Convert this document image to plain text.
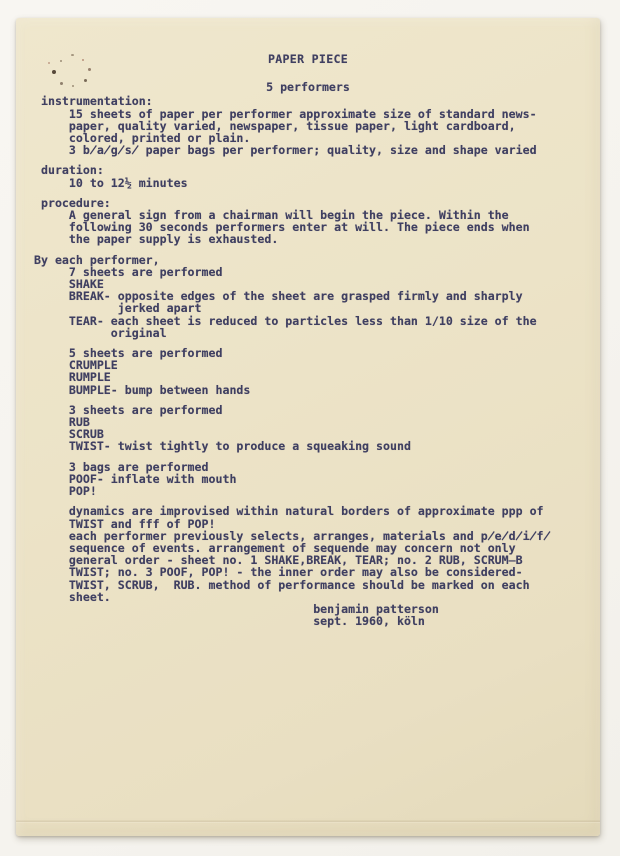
PAPER PIECE
5 performers
instrumentation:
15 sheets of paper per performer approximate size of standard news-
paper, quality varied, newspaper, tissue paper, light cardboard,
colored, printed or plain.
3 b̸a̸g̸s̸ paper bags per performer; quality, size and shape varied
duration:
10 to 12½ minutes
procedure:
A general sign from a chairman will begin the piece. Within the
following 30 seconds performers enter at will. The piece ends when
the paper supply is exhausted.
By each performer,
7 sheets are performed
SHAKE
BREAK- opposite edges of the sheet are grasped firmly and sharply
jerked apart
TEAR- each sheet is reduced to particles less than 1/10 size of the
original
5 sheets are performed
CRUMPLE
RUMPLE
BUMPLE- bump between hands
3 sheets are performed
RUB
SCRUB
TWIST- twist tightly to produce a squeaking sound
3 bags are performed
POOF- inflate with mouth
POP!
dynamics are improvised within natural borders of approximate ppp of
TWIST and fff of POP!
each performer previously selects, arranges, materials and p̸e̸d̸i̸f̸
sequence of events. arrangement of sequende may concern not only
general order - sheet no. 1 SHAKE,BREAK, TEAR; no. 2 RUB, SCRUM̶B
TWIST; no. 3 POOF, POP! - the inner order may also be considered-
TWIST, SCRUB,  RUB. method of performance should be marked on each
sheet.
benjamin patterson
sept. 1960, köln
